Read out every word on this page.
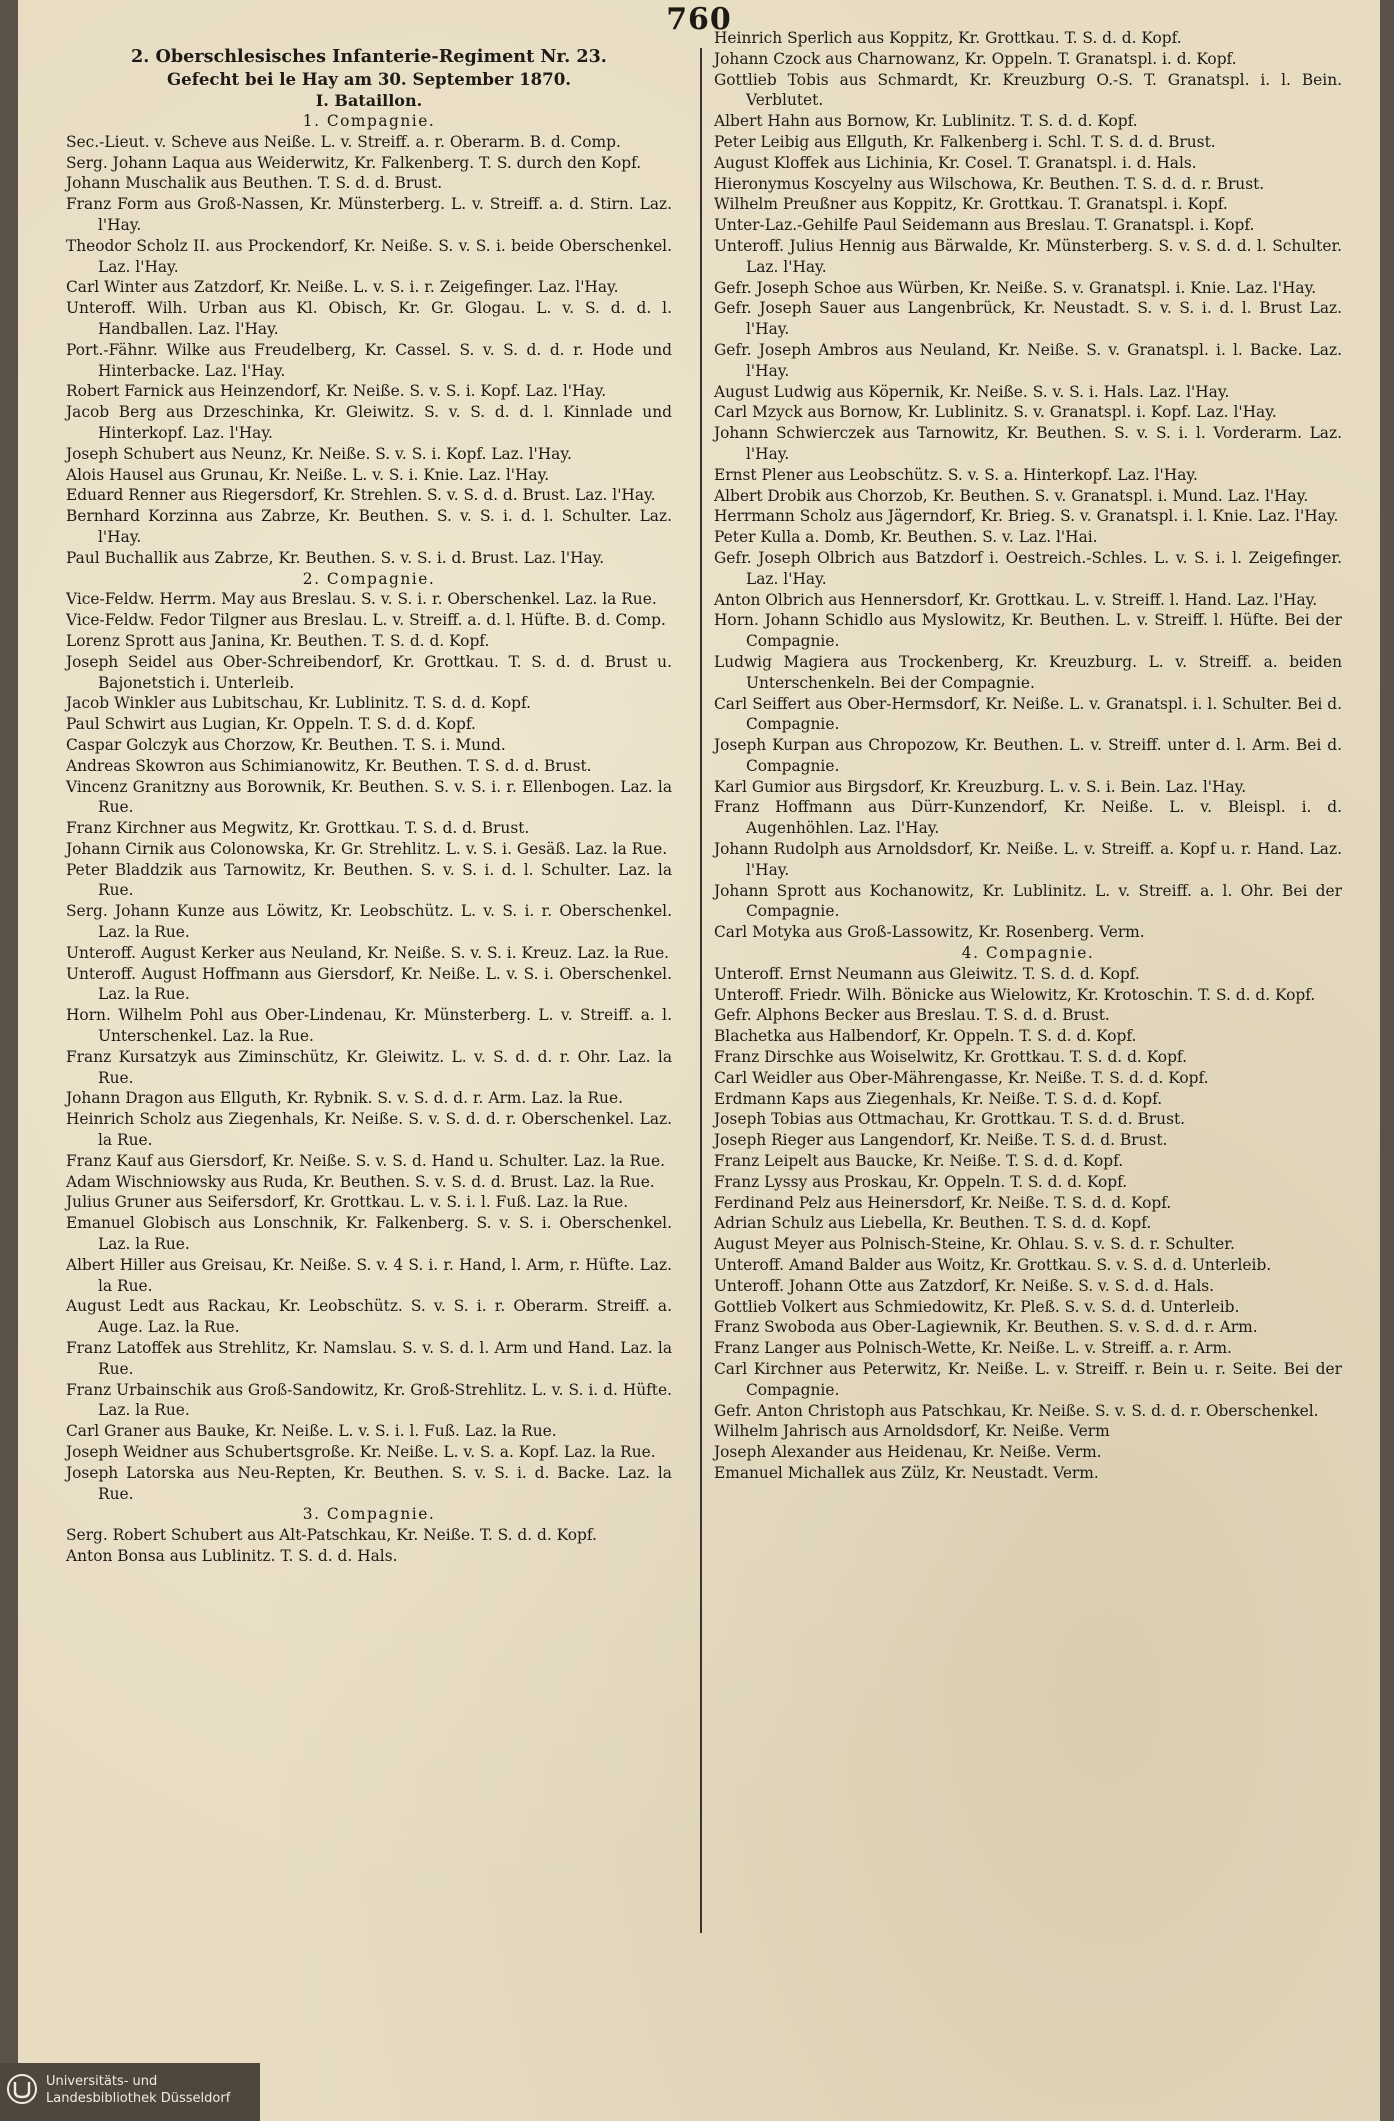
760
2. Oberschlesisches Infanterie-Regiment Nr. 23.
Gefecht bei le Hay am 30. September 1870.
I. Bataillon.
1. Compagnie.
Sec.-Lieut. v. Scheve aus Neiße. L. v. Streiff. a. r. Oberarm. B. d. Comp.
Serg. Johann Laqua aus Weiderwitz, Kr. Falkenberg. T. S. durch den Kopf.
Johann Muschalik aus Beuthen. T. S. d. d. Brust.
Franz Form aus Groß-Nassen, Kr. Münsterberg. L. v. Streiff. a. d. Stirn. Laz. l'Hay.
Theodor Scholz II. aus Prockendorf, Kr. Neiße. S. v. S. i. beide Oberschenkel. Laz. l'Hay.
Carl Winter aus Zatzdorf, Kr. Neiße. L. v. S. i. r. Zeigefinger. Laz. l'Hay.
Unteroff. Wilh. Urban aus Kl. Obisch, Kr. Gr. Glogau. L. v. S. d. d. l. Handballen. Laz. l'Hay.
Port.-Fähnr. Wilke aus Freudelberg, Kr. Cassel. S. v. S. d. d. r. Hode und Hinterbacke. Laz. l'Hay.
Robert Farnick aus Heinzendorf, Kr. Neiße. S. v. S. i. Kopf. Laz. l'Hay.
Jacob Berg aus Drzeschinka, Kr. Gleiwitz. S. v. S. d. d. l. Kinnlade und Hinterkopf. Laz. l'Hay.
Joseph Schubert aus Neunz, Kr. Neiße. S. v. S. i. Kopf. Laz. l'Hay.
Alois Hausel aus Grunau, Kr. Neiße. L. v. S. i. Knie. Laz. l'Hay.
Eduard Renner aus Riegersdorf, Kr. Strehlen. S. v. S. d. d. Brust. Laz. l'Hay.
Bernhard Korzinna aus Zabrze, Kr. Beuthen. S. v. S. i. d. l. Schulter. Laz. l'Hay.
Paul Buchallik aus Zabrze, Kr. Beuthen. S. v. S. i. d. Brust. Laz. l'Hay.
2. Compagnie.
Vice-Feldw. Herrm. May aus Breslau. S. v. S. i. r. Oberschenkel. Laz. la Rue.
Vice-Feldw. Fedor Tilgner aus Breslau. L. v. Streiff. a. d. l. Hüfte. B. d. Comp.
Lorenz Sprott aus Janina, Kr. Beuthen. T. S. d. d. Kopf.
Joseph Seidel aus Ober-Schreibendorf, Kr. Grottkau. T. S. d. d. Brust u. Bajonetstich i. Unterleib.
Jacob Winkler aus Lubitschau, Kr. Lublinitz. T. S. d. d. Kopf.
Paul Schwirt aus Lugian, Kr. Oppeln. T. S. d. d. Kopf.
Caspar Golczyk aus Chorzow, Kr. Beuthen. T. S. i. Mund.
Andreas Skowron aus Schimianowitz, Kr. Beuthen. T. S. d. d. Brust.
Vincenz Granitzny aus Borownik, Kr. Beuthen. S. v. S. i. r. Ellenbogen. Laz. la Rue.
Franz Kirchner aus Megwitz, Kr. Grottkau. T. S. d. d. Brust.
Johann Cirnik aus Colonowska, Kr. Gr. Strehlitz. L. v. S. i. Gesäß. Laz. la Rue.
Peter Bladdzik aus Tarnowitz, Kr. Beuthen. S. v. S. i. d. l. Schulter. Laz. la Rue.
Serg. Johann Kunze aus Löwitz, Kr. Leobschütz. L. v. S. i. r. Oberschenkel. Laz. la Rue.
Unteroff. August Kerker aus Neuland, Kr. Neiße. S. v. S. i. Kreuz. Laz. la Rue.
Unteroff. August Hoffmann aus Giersdorf, Kr. Neiße. L. v. S. i. Oberschenkel. Laz. la Rue.
Horn. Wilhelm Pohl aus Ober-Lindenau, Kr. Münsterberg. L. v. Streiff. a. l. Unterschenkel. Laz. la Rue.
Franz Kursatzyk aus Ziminschütz, Kr. Gleiwitz. L. v. S. d. d. r. Ohr. Laz. la Rue.
Johann Dragon aus Ellguth, Kr. Rybnik. S. v. S. d. d. r. Arm. Laz. la Rue.
Heinrich Scholz aus Ziegenhals, Kr. Neiße. S. v. S. d. d. r. Oberschenkel. Laz. la Rue.
Franz Kauf aus Giersdorf, Kr. Neiße. S. v. S. d. Hand u. Schulter. Laz. la Rue.
Adam Wischniowsky aus Ruda, Kr. Beuthen. S. v. S. d. d. Brust. Laz. la Rue.
Julius Gruner aus Seifersdorf, Kr. Grottkau. L. v. S. i. l. Fuß. Laz. la Rue.
Emanuel Globisch aus Lonschnik, Kr. Falkenberg. S. v. S. i. Oberschenkel. Laz. la Rue.
Albert Hiller aus Greisau, Kr. Neiße. S. v. 4 S. i. r. Hand, l. Arm, r. Hüfte. Laz. la Rue.
August Ledt aus Rackau, Kr. Leobschütz. S. v. S. i. r. Oberarm. Streiff. a. Auge. Laz. la Rue.
Franz Latoffek aus Strehlitz, Kr. Namslau. S. v. S. d. l. Arm und Hand. Laz. la Rue.
Franz Urbainschik aus Groß-Sandowitz, Kr. Groß-Strehlitz. L. v. S. i. d. Hüfte. Laz. la Rue.
Carl Graner aus Bauke, Kr. Neiße. L. v. S. i. l. Fuß. Laz. la Rue.
Joseph Weidner aus Schubertsgroße. Kr. Neiße. L. v. S. a. Kopf. Laz. la Rue.
Joseph Latorska aus Neu-Repten, Kr. Beuthen. S. v. S. i. d. Backe. Laz. la Rue.
3. Compagnie.
Serg. Robert Schubert aus Alt-Patschkau, Kr. Neiße. T. S. d. d. Kopf.
Anton Bonsa aus Lublinitz. T. S. d. d. Hals.
Heinrich Sperlich aus Koppitz, Kr. Grottkau. T. S. d. d. Kopf.
Johann Czock aus Charnowanz, Kr. Oppeln. T. Granatspl. i. d. Kopf.
Gottlieb Tobis aus Schmardt, Kr. Kreuzburg O.-S. T. Granatspl. i. l. Bein. Verblutet.
Albert Hahn aus Bornow, Kr. Lublinitz. T. S. d. d. Kopf.
Peter Leibig aus Ellguth, Kr. Falkenberg i. Schl. T. S. d. d. Brust.
August Kloffek aus Lichinia, Kr. Cosel. T. Granatspl. i. d. Hals.
Hieronymus Koscyelny aus Wilschowa, Kr. Beuthen. T. S. d. d. r. Brust.
Wilhelm Preußner aus Koppitz, Kr. Grottkau. T. Granatspl. i. Kopf.
Unter-Laz.-Gehilfe Paul Seidemann aus Breslau. T. Granatspl. i. Kopf.
Unteroff. Julius Hennig aus Bärwalde, Kr. Münsterberg. S. v. S. d. d. l. Schulter. Laz. l'Hay.
Gefr. Joseph Schoe aus Würben, Kr. Neiße. S. v. Granatspl. i. Knie. Laz. l'Hay.
Gefr. Joseph Sauer aus Langenbrück, Kr. Neustadt. S. v. S. i. d. l. Brust Laz. l'Hay.
Gefr. Joseph Ambros aus Neuland, Kr. Neiße. S. v. Granatspl. i. l. Backe. Laz. l'Hay.
August Ludwig aus Köpernik, Kr. Neiße. S. v. S. i. Hals. Laz. l'Hay.
Carl Mzyck aus Bornow, Kr. Lublinitz. S. v. Granatspl. i. Kopf. Laz. l'Hay.
Johann Schwierczek aus Tarnowitz, Kr. Beuthen. S. v. S. i. l. Vorderarm. Laz. l'Hay.
Ernst Plener aus Leobschütz. S. v. S. a. Hinterkopf. Laz. l'Hay.
Albert Drobik aus Chorzob, Kr. Beuthen. S. v. Granatspl. i. Mund. Laz. l'Hay.
Herrmann Scholz aus Jägerndorf, Kr. Brieg. S. v. Granatspl. i. l. Knie. Laz. l'Hay.
Peter Kulla a. Domb, Kr. Beuthen. S. v. Laz. l'Hai.
Gefr. Joseph Olbrich aus Batzdorf i. Oestreich.-Schles. L. v. S. i. l. Zeigefinger. Laz. l'Hay.
Anton Olbrich aus Hennersdorf, Kr. Grottkau. L. v. Streiff. l. Hand. Laz. l'Hay.
Horn. Johann Schidlo aus Myslowitz, Kr. Beuthen. L. v. Streiff. l. Hüfte. Bei der Compagnie.
Ludwig Magiera aus Trockenberg, Kr. Kreuzburg. L. v. Streiff. a. beiden Unterschenkeln. Bei der Compagnie.
Carl Seiffert aus Ober-Hermsdorf, Kr. Neiße. L. v. Granatspl. i. l. Schulter. Bei d. Compagnie.
Joseph Kurpan aus Chropozow, Kr. Beuthen. L. v. Streiff. unter d. l. Arm. Bei d. Compagnie.
Karl Gumior aus Birgsdorf, Kr. Kreuzburg. L. v. S. i. Bein. Laz. l'Hay.
Franz Hoffmann aus Dürr-Kunzendorf, Kr. Neiße. L. v. Bleispl. i. d. Augenhöhlen. Laz. l'Hay.
Johann Rudolph aus Arnoldsdorf, Kr. Neiße. L. v. Streiff. a. Kopf u. r. Hand. Laz. l'Hay.
Johann Sprott aus Kochanowitz, Kr. Lublinitz. L. v. Streiff. a. l. Ohr. Bei der Compagnie.
Carl Motyka aus Groß-Lassowitz, Kr. Rosenberg. Verm.
4. Compagnie.
Unteroff. Ernst Neumann aus Gleiwitz. T. S. d. d. Kopf.
Unteroff. Friedr. Wilh. Bönicke aus Wielowitz, Kr. Krotoschin. T. S. d. d. Kopf.
Gefr. Alphons Becker aus Breslau. T. S. d. d. Brust.
Blachetka aus Halbendorf, Kr. Oppeln. T. S. d. d. Kopf.
Franz Dirschke aus Woiselwitz, Kr. Grottkau. T. S. d. d. Kopf.
Carl Weidler aus Ober-Mährengasse, Kr. Neiße. T. S. d. d. Kopf.
Erdmann Kaps aus Ziegenhals, Kr. Neiße. T. S. d. d. Kopf.
Joseph Tobias aus Ottmachau, Kr. Grottkau. T. S. d. d. Brust.
Joseph Rieger aus Langendorf, Kr. Neiße. T. S. d. d. Brust.
Franz Leipelt aus Baucke, Kr. Neiße. T. S. d. d. Kopf.
Franz Lyssy aus Proskau, Kr. Oppeln. T. S. d. d. Kopf.
Ferdinand Pelz aus Heinersdorf, Kr. Neiße. T. S. d. d. Kopf.
Adrian Schulz aus Liebella, Kr. Beuthen. T. S. d. d. Kopf.
August Meyer aus Polnisch-Steine, Kr. Ohlau. S. v. S. d. r. Schulter.
Unteroff. Amand Balder aus Woitz, Kr. Grottkau. S. v. S. d. d. Unterleib.
Unteroff. Johann Otte aus Zatzdorf, Kr. Neiße. S. v. S. d. d. Hals.
Gottlieb Volkert aus Schmiedowitz, Kr. Pleß. S. v. S. d. d. Unterleib.
Franz Swoboda aus Ober-Lagiewnik, Kr. Beuthen. S. v. S. d. d. r. Arm.
Franz Langer aus Polnisch-Wette, Kr. Neiße. L. v. Streiff. a. r. Arm.
Carl Kirchner aus Peterwitz, Kr. Neiße. L. v. Streiff. r. Bein u. r. Seite. Bei der Compagnie.
Gefr. Anton Christoph aus Patschkau, Kr. Neiße. S. v. S. d. d. r. Oberschenkel.
Wilhelm Jahrisch aus Arnoldsdorf, Kr. Neiße. Verm
Joseph Alexander aus Heidenau, Kr. Neiße. Verm.
Emanuel Michallek aus Zülz, Kr. Neustadt. Verm.
Universitäts- und
Landesbibliothek Düsseldorf
